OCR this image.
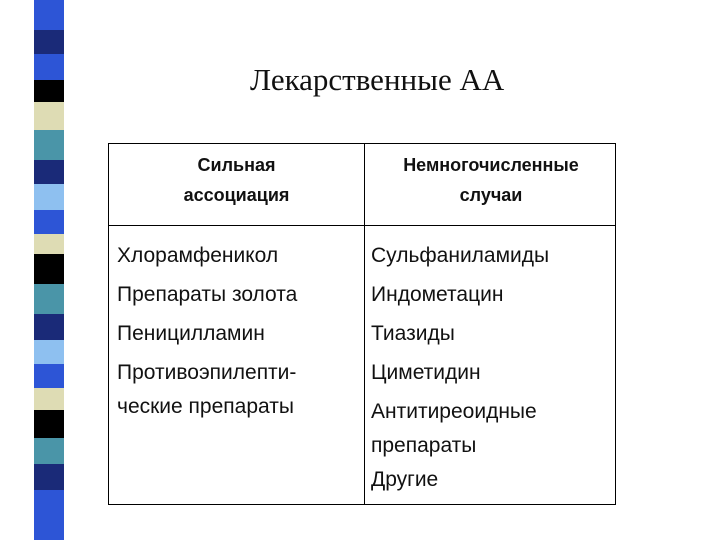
Лекарственные АА
Сильная
ассоциация
Немногочисленные
случаи
Хлорамфеникол
Препараты золота
Пеницилламин
Противоэпилепти-
ческие препараты
Сульфаниламиды
Индометацин
Тиазиды
Циметидин
Антитиреоидные
препараты
Другие
